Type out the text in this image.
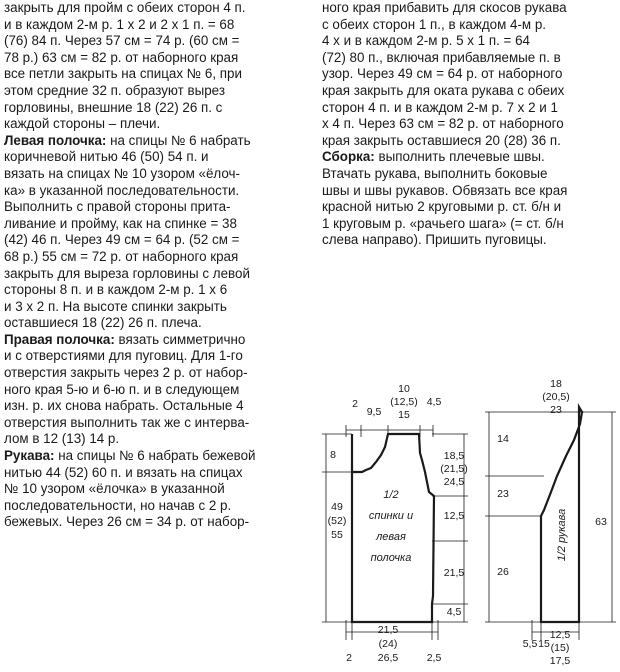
закрыть для пройм с обеих сторон 4 п.

и в каждом 2-м р. 1 х 2 и 2 х 1 п. = 68

(76) 84 п. Через 57 см = 74 р. (60 см =

78 р.) 63 см = 82 р. от наборного края

все петли закрыть на спицах № 6, при

этом средние 32 п. образуют вырез

горловины, внешние 18 (22) 26 п. с

каждой стороны – плечи.

Левая полочка: на спицы № 6 набрать

коричневой нитью 46 (50) 54 п. и

вязать на спицах № 10 узором «ёлоч-

ка» в указанной последовательности.

Выполнить с правой стороны прита-

ливание и пройму, как на спинке = 38

(42) 46 п. Через 49 см = 64 р. (52 см =

68 р.) 55 см = 72 р. от наборного края

закрыть для выреза горловины с левой

стороны 8 п. и в каждом 2-м р. 1 х 6

и 3 х 2 п. На высоте спинки закрыть

оставшиеся 18 (22) 26 п. плеча.

Правая полочка: вязать симметрично

и с отверстиями для пуговиц. Для 1-го

отверстия закрыть через 2 р. от набор-

ного края 5-ю и 6-ю п. и в следующем

изн. р. их снова набрать. Остальные 4

отверстия выполнить так же с интерва-

лом в 12 (13) 14 р.

Рукава: на спицы № 6 набрать бежевой

нитью 44 (52) 60 п. и вязать на спицах

№ 10 узором «ёлочка» в указанной

последовательности, но начав с 2 р.

бежевых. Через 26 см = 34 р. от набор-

ного края прибавить для скосов рукава

с обеих сторон 1 п., в каждом 4-м р.

4 х и в каждом 2-м р. 5 х 1 п. = 64

(72) 80 п., включая прибавляемые п. в

узор. Через 49 см = 64 р. от наборного

края закрыть для оката рукава с обеих

сторон 4 п. и в каждом 2-м р. 7 х 2 и 1

х 4 п. Через 63 см = 82 р. от наборного

края закрыть оставшиеся 20 (28) 36 п.

Сборка: выполнить плечевые швы.

Втачать рукава, выполнить боковые

швы и швы рукавов. Обвязать все края

красной нитью 2 круговыми р. ст. б/н и

1 круговым р. «рачьего шага» (= ст. б/н

слева направо). Пришить пуговицы.

2
9,5
10
(12,5)
15
4,5
8
49
(52)
55
18,5
(21,5)
24,5
12,5
21,5
4,5
21,5
(24)
26,5
2	2,5
1/2
спинки и
левая
полочка
18
(20,5)
23
14
23
26
63
5,5 15
12,5
(15)
17,5
1/2 рукава
